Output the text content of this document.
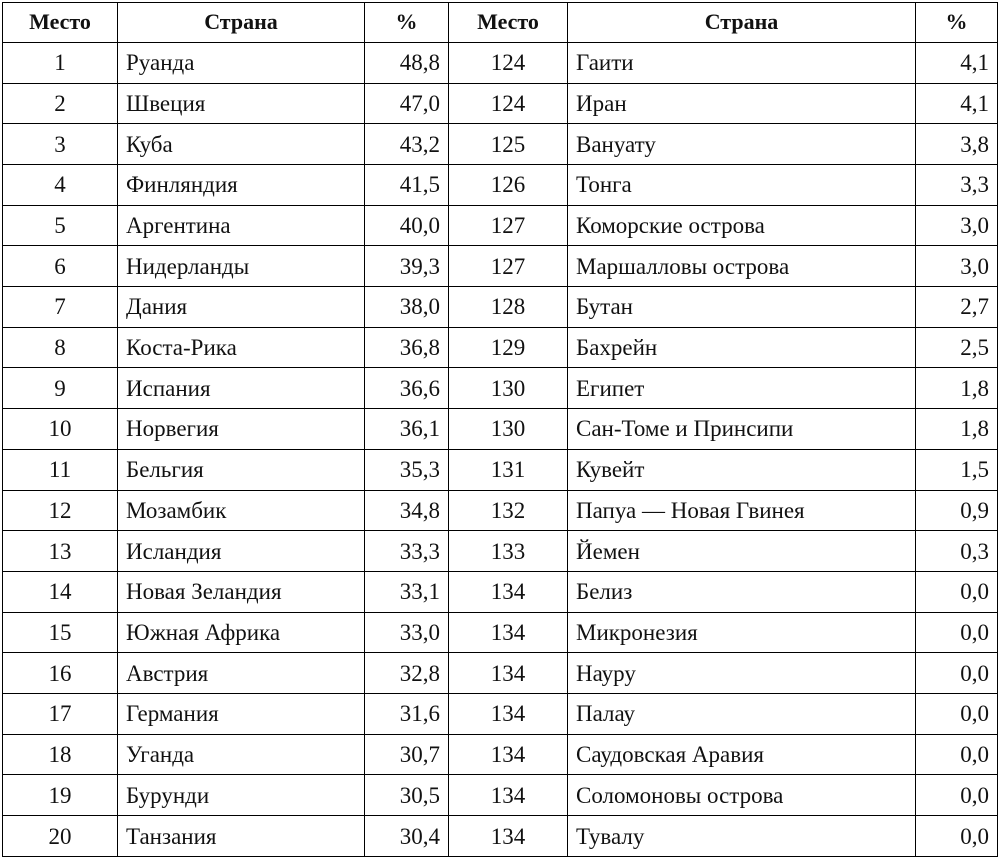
Место	Страна	%	Место	Страна	%
1	Руанда	48,8	124	Гаити	4,1
2	Швеция	47,0	124	Иран	4,1
3	Куба	43,2	125	Вануату	3,8
4	Финляндия	41,5	126	Тонга	3,3
5	Аргентина	40,0	127	Коморские острова	3,0
6	Нидерланды	39,3	127	Маршалловы острова	3,0
7	Дания	38,0	128	Бутан	2,7
8	Коста-Рика	36,8	129	Бахрейн	2,5
9	Испания	36,6	130	Египет	1,8
10	Норвегия	36,1	130	Сан-Томе и Принсипи	1,8
11	Бельгия	35,3	131	Кувейт	1,5
12	Мозамбик	34,8	132	Папуа — Новая Гвинея	0,9
13	Исландия	33,3	133	Йемен	0,3
14	Новая Зеландия	33,1	134	Белиз	0,0
15	Южная Африка	33,0	134	Микронезия	0,0
16	Австрия	32,8	134	Науру	0,0
17	Германия	31,6	134	Палау	0,0
18	Уганда	30,7	134	Саудовская Аравия	0,0
19	Бурунди	30,5	134	Соломоновы острова	0,0
20	Танзания	30,4	134	Тувалу	0,0
